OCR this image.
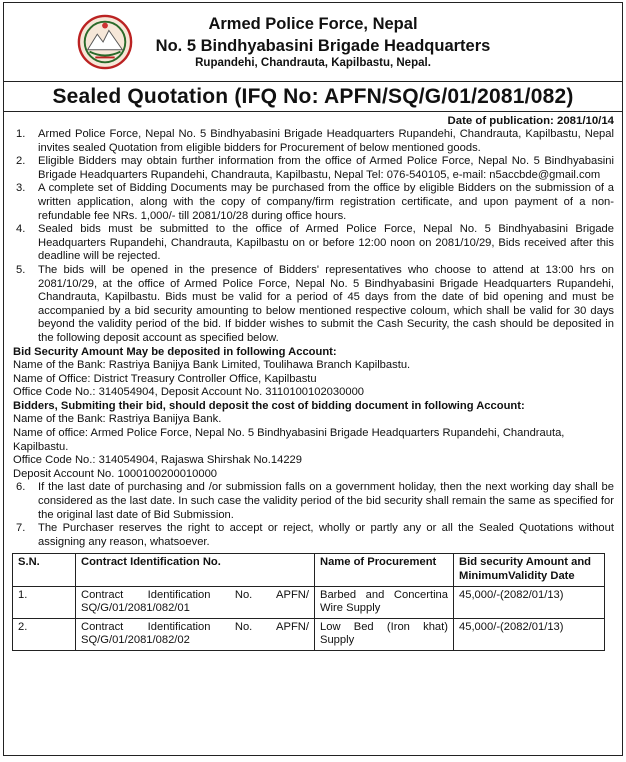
Armed Police Force, Nepal
No. 5 Bindhyabasini Brigade Headquarters
Rupandehi, Chandrauta, Kapilbastu, Nepal.
Sealed Quotation (IFQ No: APFN/SQ/G/01/2081/082)
Date of publication: 2081/10/14
1.	Armed Police Force, Nepal No. 5 Bindhyabasini Brigade Headquarters Rupandehi, Chandrauta, Kapilbastu, Nepal invites sealed Quotation from eligible bidders for Procurement of below mentioned goods.
2.	Eligible Bidders may obtain further information from the office of Armed Police Force, Nepal No. 5 Bindhyabasini Brigade Headquarters Rupandehi, Chandrauta, Kapilbastu, Nepal Tel: 076-540105, e-mail: n5accbde@gmail.com
3.	A complete set of Bidding Documents may be purchased from the office by eligible Bidders on the submission of a written application, along with the copy of company/firm registration certificate, and upon payment of a non-refundable fee NRs. 1,000/- till 2081/10/28 during office hours.
4.	Sealed bids must be submitted to the office of Armed Police Force, Nepal No. 5 Bindhyabasini Brigade Headquarters Rupandehi, Chandrauta, Kapilbastu on or before 12:00 noon on 2081/10/29, Bids received after this deadline will be rejected.
5.	The bids will be opened in the presence of Bidders' representatives who choose to attend at 13:00 hrs on 2081/10/29, at the office of Armed Police Force, Nepal No. 5 Bindhyabasini Brigade Headquarters Rupandehi, Chandrauta, Kapilbastu. Bids must be valid for a period of 45 days from the date of bid opening and must be accompanied by a bid security amounting to below mentioned respective coloum, which shall be valid for 30 days beyond the validity period of the bid. If bidder wishes to submit the Cash Security, the cash should be deposited in the following deposit account as specified below.
Bid Security Amount May be deposited in following Account:
Name of the Bank: Rastriya Banijya Bank Limited, Toulihawa Branch Kapilbastu.
Name of Office: District Treasury Controller Office, Kapilbastu
Office Code No.: 314054904, Deposit Account No. 3110100102030000
Bidders, Submiting their bid, should deposit the cost of bidding document in following Account:
Name of the Bank: Rastriya Banijya Bank.
Name of office: Armed Police Force, Nepal No. 5 Bindhyabasini Brigade Headquarters Rupandehi, Chandrauta, Kapilbastu.
Office Code No.: 314054904, Rajaswa Shirshak No.14229
Deposit Account No. 1000100200010000
6.	If the last date of purchasing and /or submission falls on a government holiday, then the next working day shall be considered as the last date. In such case the validity period of the bid security shall remain the same as specified for the original last date of Bid Submission.
7.	The Purchaser reserves the right to accept or reject, wholly or partly any or all the Sealed Quotations without assigning any reason, whatsoever.
S.N.	Contract Identification No.	Name of Procurement	Bid security Amount and MinimumValidity Date
1.	Contract Identification No. APFN/ SQ/G/01/2081/082/01	Barbed and Concertina Wire Supply	45,000/-(2082/01/13)
2.	Contract Identification No. APFN/ SQ/G/01/2081/082/02	Low Bed (Iron khat) Supply	45,000/-(2082/01/13)
